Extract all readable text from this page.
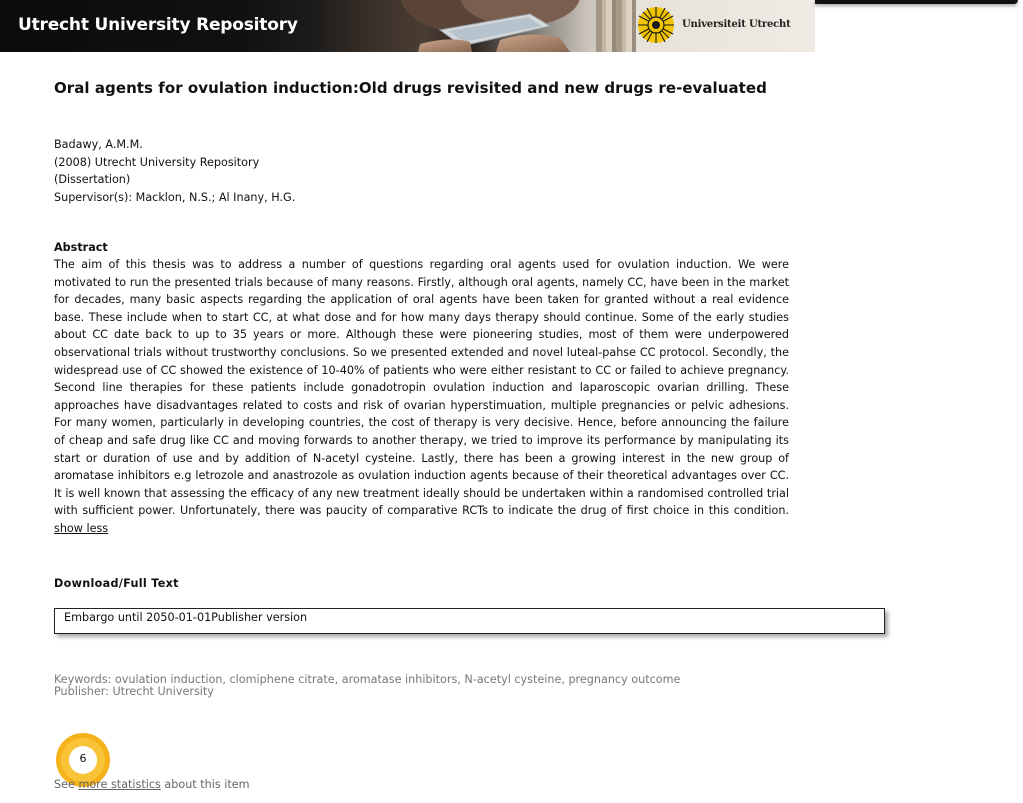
Universiteit Utrecht
Utrecht University Repository
Oral agents for ovulation induction:Old drugs revisited and new drugs re-evaluated
Badawy, A.M.M.
(2008) Utrecht University Repository
(Dissertation)
Supervisor(s): Macklon, N.S.; Al Inany, H.G.
Abstract

The aim of this thesis was to address a number of questions regarding oral agents used for ovulation induction. We were motivated to run the presented trials because of many reasons. Firstly, although oral agents, namely CC, have been in the market for decades, many basic aspects regarding the application of oral agents have been taken for granted without a real evidence base. These include when to start CC, at what dose and for how many days therapy should continue. Some of the early studies about CC date back to up to 35 years or more. Although these were pioneering studies, most of them were underpowered observational trials without trustworthy conclusions. So we presented extended and novel luteal-pahse CC protocol. Secondly, the widespread use of CC showed the existence of 10-40% of patients who were either resistant to CC or failed to achieve pregnancy. Second line therapies for these patients include gonadotropin ovulation induction and laparoscopic ovarian drilling. These approaches have disadvantages related to costs and risk of ovarian hyperstimuation, multiple pregnancies or pelvic adhesions. For many women, particularly in developing countries, the cost of therapy is very decisive. Hence, before announcing the failure of cheap and safe drug like CC and moving forwards to another therapy, we tried to improve its performance by manipulating its start or duration of use and by addition of N-acetyl cysteine. Lastly, there has been a growing interest in the new group of aromatase inhibitors e.g letrozole and anastrozole as ovulation induction agents because of their theoretical advantages over CC. It is well known that assessing the efficacy of any new treatment ideally should be undertaken within a randomised controlled trial with sufficient power. Unfortunately, there was paucity of comparative RCTs to indicate the drug of first choice in this condition. show less

Download/Full Text
Embargo until 2050-01-01Publisher version
Keywords: ovulation induction, clomiphene citrate, aromatase inhibitors, N-acetyl cysteine, pregnancy outcome
Publisher: Utrecht University
6
See more statistics about this item
